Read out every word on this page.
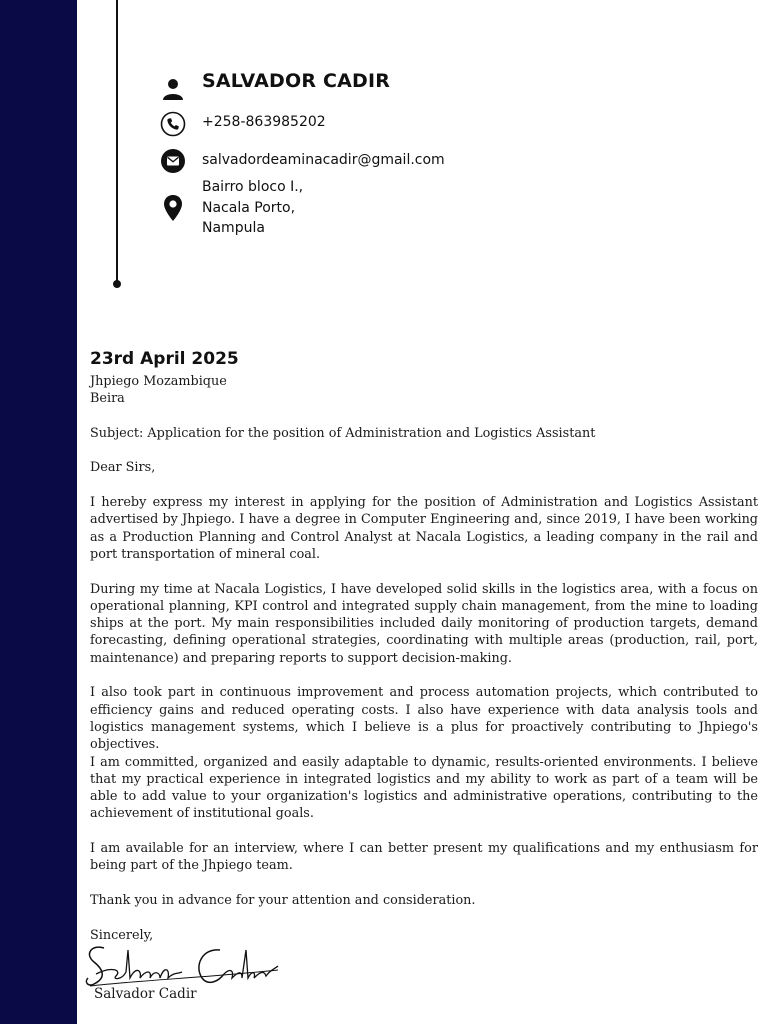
SALVADOR CADIR
+258-863985202
salvadordeaminacadir@gmail.com
Bairro bloco I.,
Nacala Porto,
Nampula
23rd April 2025
Jhpiego Mozambique
Beira
Subject: Application for the position of Administration and Logistics Assistant
Dear Sirs,

I hereby express my interest in applying for the position of Administration and Logistics Assistant advertised by Jhpiego. I have a degree in Computer Engineering and, since 2019, I have been working as a Production Planning and Control Analyst at Nacala Logistics, a leading company in the rail and port transportation of mineral coal.

During my time at Nacala Logistics, I have developed solid skills in the logistics area, with a focus on operational planning, KPI control and integrated supply chain management, from the mine to loading ships at the port. My main responsibilities included daily monitoring of production targets, demand forecasting, defining operational strategies, coordinating with multiple areas (production, rail, port, maintenance) and preparing reports to support decision-making.

I also took part in continuous improvement and process automation projects, which contributed to efficiency gains and reduced operating costs. I also have experience with data analysis tools and logistics management systems, which I believe is a plus for proactively contributing to Jhpiego's objectives.

I am committed, organized and easily adaptable to dynamic, results-oriented environments. I believe that my practical experience in integrated logistics and my ability to work as part of a team will be able to add value to your organization's logistics and administrative operations, contributing to the achievement of institutional goals.

I am available for an interview, where I can better present my qualifications and my enthusiasm for being part of the Jhpiego team.

Thank you in advance for your attention and consideration.

Sincerely,
Salvador Cadir
